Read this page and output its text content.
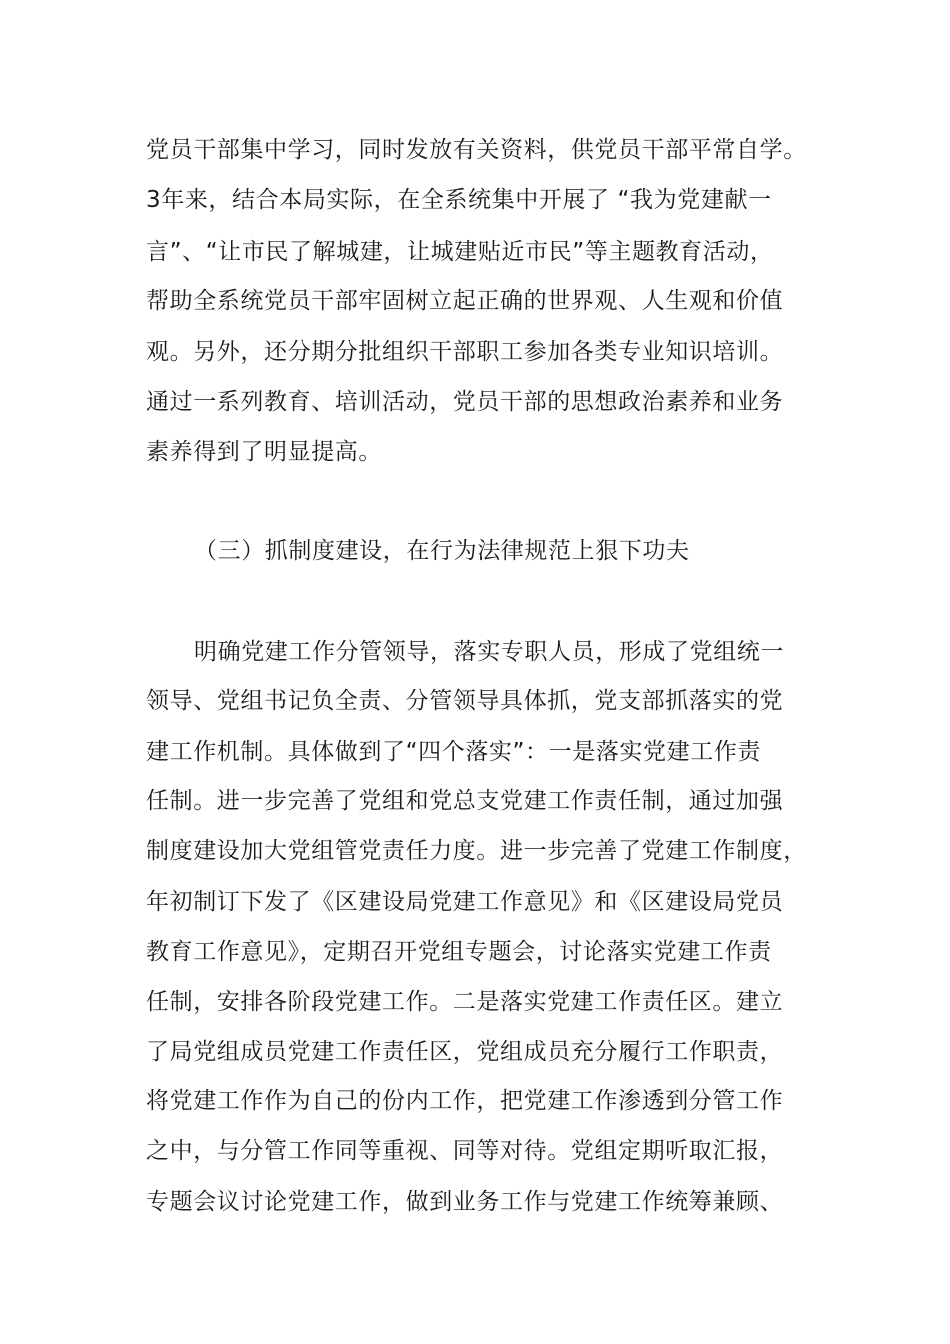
党员干部集中学习，同时发放有关资料，供党员干部平常自学。
3年来，结合本局实际，在全系统集中开展了 “我为党建献一
言”、“让市民了解城建，让城建贴近市民”等主题教育活动，
帮助全系统党员干部牢固树立起正确的世界观、人生观和价值
观。另外，还分期分批组织干部职工参加各类专业知识培训。
通过一系列教育、培训活动，党员干部的思想政治素养和业务
素养得到了明显提高。
（三）抓制度建设，在行为法律规范上狠下功夫
明确党建工作分管领导，落实专职人员，形成了党组统一
领导、党组书记负全责、分管领导具体抓，党支部抓落实的党
建工作机制。具体做到了“四个落实”：一是落实党建工作责
任制。进一步完善了党组和党总支党建工作责任制，通过加强
制度建设加大党组管党责任力度。进一步完善了党建工作制度，
年初制订下发了《区建设局党建工作意见》和《区建设局党员
教育工作意见》，定期召开党组专题会，讨论落实党建工作责
任制，安排各阶段党建工作。二是落实党建工作责任区。建立
了局党组成员党建工作责任区，党组成员充分履行工作职责，
将党建工作作为自己的份内工作，把党建工作渗透到分管工作
之中，与分管工作同等重视、同等对待。党组定期听取汇报，
专题会议讨论党建工作，做到业务工作与党建工作统筹兼顾、
